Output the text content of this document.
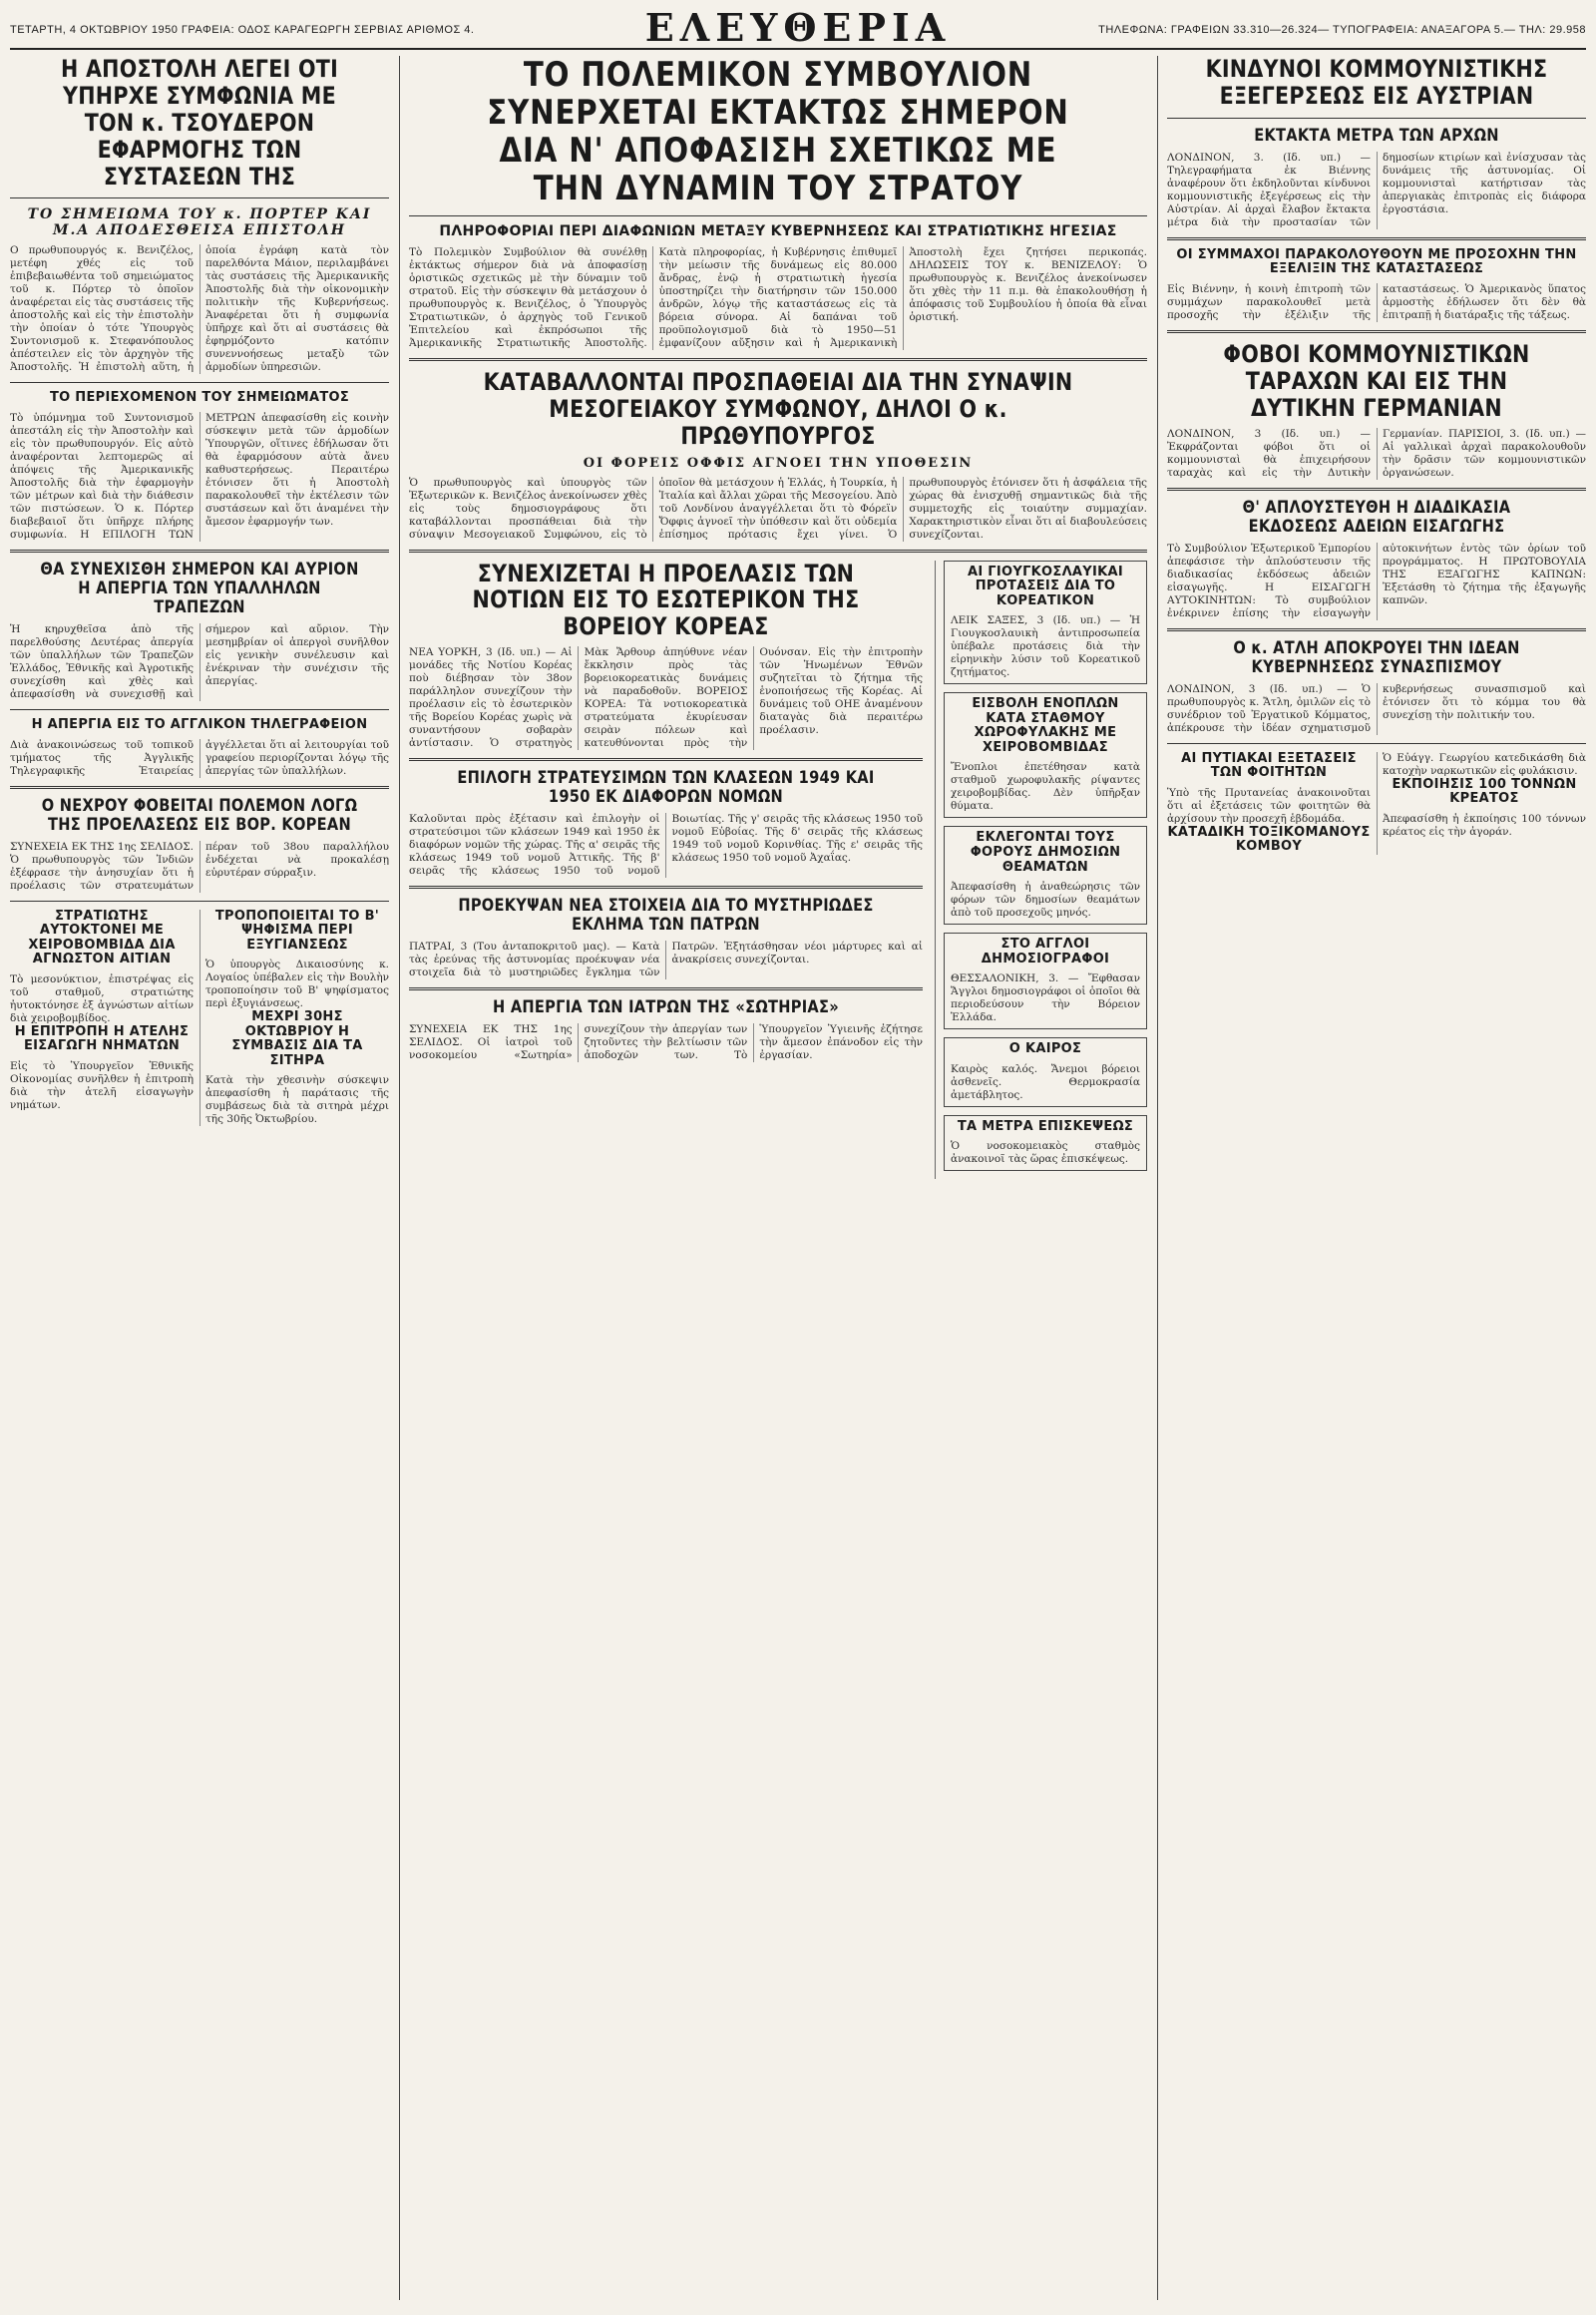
ΤΕΤΑΡΤΗ, 4 ΟΚΤΩΒΡΙΟΥ 1950 ΓΡΑΦΕΙΑ: ΟΔΟΣ ΚΑΡΑΓΕΩΡΓΗ ΣΕΡΒΙΑΣ ΑΡΙΘΜΟΣ 4.	ΕΛΕΥΘΕΡΙΑ	ΤΗΛΕΦΩΝΑ: ΓΡΑΦΕΙΩΝ 33.310—26.324— ΤΥΠΟΓΡΑΦΕΙΑ: ΑΝΑΞΑΓΟΡΑ 5.— ΤΗΛ: 29.958
Η ΑΠΟΣΤΟΛΗ ΛΕΓΕΙ ΟΤΙ ΥΠΗΡΧΕ ΣΥΜΦΩΝΙΑ ΜΕ ΤΟΝ κ. ΤΣΟΥΔΕΡΟΝ ΕΦΑΡΜΟΓΗΣ ΤΩΝ ΣΥΣΤΑΣΕΩΝ ΤΗΣ
ΤΟ ΣΗΜΕΙΩΜΑ ΤΟΥ κ. ΠΟΡΤΕΡ ΚΑΙ Μ.Α ΑΠΟΔΕΣΘΕΙΣΑ ΕΠΙΣΤΟΛΗ
Ο πρωθυπουργός κ. Βενιζέλος, μετέφη χθές εἰς τοῦ ἐπιβεβαιωθέντα τοῦ σημειώματος τοῦ κ. Πόρτερ τὸ ὁποῖον ἀναφέρεται εἰς τὰς συστάσεις τῆς ἀποστολῆς καὶ εἰς τὴν ἐπιστολὴν τὴν ὁποίαν ὁ τότε Ὑπουργὸς Συντονισμοῦ κ. Στεφανόπουλος ἀπέστειλεν εἰς τὸν ἀρχηγὸν τῆς Ἀποστολῆς. Ἡ ἐπιστολὴ αὕτη, ἡ ὁποία ἐγράφη κατὰ τὸν παρελθόντα Μάιον, περιλαμβάνει τὰς συστάσεις τῆς Ἀμερικανικῆς Ἀποστολῆς διὰ τὴν οἰκονομικὴν πολιτικὴν τῆς Κυβερνήσεως. Ἀναφέρεται ὅτι ἡ συμφωνία ὑπῆρχε καὶ ὅτι αἱ συστάσεις θὰ ἐφηρμόζοντο κατόπιν συνεννοήσεως μεταξὺ τῶν ἀρμοδίων ὑπηρεσιῶν.
ΤΟ ΠΕΡΙΕΧΟΜΕΝΟΝ ΤΟΥ ΣΗΜΕΙΩΜΑΤΟΣ
Τὸ ὑπόμνημα τοῦ Συντονισμοῦ ἀπεστάλη εἰς τὴν Ἀποστολὴν καὶ εἰς τὸν πρωθυπουργόν. Εἰς αὐτὸ ἀναφέρονται λεπτομερῶς αἱ ἀπόψεις τῆς Ἀμερικανικῆς Ἀποστολῆς διὰ τὴν ἐφαρμογὴν τῶν μέτρων καὶ διὰ τὴν διάθεσιν τῶν πιστώσεων. Ὁ κ. Πόρτερ διαβεβαιοῖ ὅτι ὑπῆρχε πλήρης συμφωνία. Η ΕΠΙΛΟΓΗ ΤΩΝ ΜΕΤΡΩΝ ἀπεφασίσθη εἰς κοινὴν σύσκεψιν μετὰ τῶν ἁρμοδίων Ὑπουργῶν, οἵτινες ἐδήλωσαν ὅτι θὰ ἐφαρμόσουν αὐτὰ ἄνευ καθυστερήσεως. Περαιτέρω ἐτόνισεν ὅτι ἡ Ἀποστολὴ παρακολουθεῖ τὴν ἐκτέλεσιν τῶν συστάσεων καὶ ὅτι ἀναμένει τὴν ἄμεσον ἐφαρμογήν των.
ΘΑ ΣΥΝΕΧΙΣΘΗ ΣΗΜΕΡΟΝ ΚΑΙ ΑΥΡΙΟΝ Η ΑΠΕΡΓΙΑ ΤΩΝ ΥΠΑΛΛΗΛΩΝ ΤΡΑΠΕΖΩΝ
Ἡ κηρυχθεῖσα ἀπὸ τῆς παρελθούσης Δευτέρας ἀπεργία τῶν ὑπαλλήλων τῶν Τραπεζῶν Ἑλλάδος, Ἐθνικῆς καὶ Ἀγροτικῆς συνεχίσθη καὶ χθὲς καὶ ἀπεφασίσθη νὰ συνεχισθῇ καὶ σήμερον καὶ αὔριον. Τὴν μεσημβρίαν οἱ ἀπεργοὶ συνῆλθον εἰς γενικὴν συνέλευσιν καὶ ἐνέκριναν τὴν συνέχισιν τῆς ἀπεργίας.
Η ΑΠΕΡΓΙΑ ΕΙΣ ΤΟ ΑΓΓΛΙΚΟΝ ΤΗΛΕΓΡΑΦΕΙΟΝ
Διὰ ἀνακοινώσεως τοῦ τοπικοῦ τμήματος τῆς Ἀγγλικῆς Τηλεγραφικῆς Ἑταιρείας ἀγγέλλεται ὅτι αἱ λειτουργίαι τοῦ γραφείου περιορίζονται λόγῳ τῆς ἀπεργίας τῶν ὑπαλλήλων.
Ο ΝΕΧΡΟΥ ΦΟΒΕΙΤΑΙ ΠΟΛΕΜΟΝ ΛΟΓΩ ΤΗΣ ΠΡΟΕΛΑΣΕΩΣ ΕΙΣ ΒΟΡ. ΚΟΡΕΑΝ
ΣΥΝΕΧΕΙΑ ΕΚ ΤΗΣ 1ης ΣΕΛΙΔΟΣ. Ὁ πρωθυπουργὸς τῶν Ἰνδιῶν ἐξέφρασε τὴν ἀνησυχίαν ὅτι ἡ προέλασις τῶν στρατευμάτων πέραν τοῦ 38ου παραλλήλου ἐνδέχεται νὰ προκαλέσῃ εὐρυτέραν σύρραξιν.
ΣΤΡΑΤΙΩΤΗΣ ΑΥΤΟΚΤΟΝΕΙ ΜΕ ΧΕΙΡΟΒΟΜΒΙΔΑ ΔΙΑ ΑΓΝΩΣΤΟΝ ΑΙΤΙΑΝ
Τὸ μεσονύκτιον, ἐπιστρέψας εἰς τοῦ σταθμοῦ, στρατιώτης ἠυτοκτόνησε ἐξ ἀγνώστων αἰτίων διὰ χειροβομβίδος.
Η ΕΠΙΤΡΟΠΗ Η ΑΤΕΛΗΣ ΕΙΣΑΓΩΓΗ ΝΗΜΑΤΩΝ
Εἰς τὸ Ὑπουργεῖον Ἐθνικῆς Οἰκονομίας συνῆλθεν ἡ ἐπιτροπὴ διὰ τὴν ἀτελῆ εἰσαγωγὴν νημάτων.
ΤΡΟΠΟΠΟΙΕΙΤΑΙ ΤΟ Β' ΨΗΦΙΣΜΑ ΠΕΡΙ ΕΞΥΓΙΑΝΣΕΩΣ
Ὁ ὑπουργὸς Δικαιοσύνης κ. Λογαίος ὑπέβαλεν εἰς τὴν Βουλὴν τροποποίησιν τοῦ Β' ψηφίσματος περὶ ἐξυγιάνσεως.
ΜΕΧΡΙ 30ΗΣ ΟΚΤΩΒΡΙΟΥ Η ΣΥΜΒΑΣΙΣ ΔΙΑ ΤΑ ΣΙΤΗΡΑ
Κατὰ τὴν χθεσινὴν σύσκεψιν ἀπεφασίσθη ἡ παράτασις τῆς συμβάσεως διὰ τὰ σιτηρὰ μέχρι τῆς 30ῆς Ὀκτωβρίου.
ΤΟ ΠΟΛΕΜΙΚΟΝ ΣΥΜΒΟΥΛΙΟΝ ΣΥΝΕΡΧΕΤΑΙ ΕΚΤΑΚΤΩΣ ΣΗΜΕΡΟΝ ΔΙΑ Ν' ΑΠΟΦΑΣΙΣΗ ΣΧΕΤΙΚΩΣ ΜΕ ΤΗΝ ΔΥΝΑΜΙΝ ΤΟΥ ΣΤΡΑΤΟΥ
ΠΛΗΡΟΦΟΡΙΑΙ ΠΕΡΙ ΔΙΑΦΩΝΙΩΝ ΜΕΤΑΞΥ ΚΥΒΕΡΝΗΣΕΩΣ ΚΑΙ ΣΤΡΑΤΙΩΤΙΚΗΣ ΗΓΕΣΙΑΣ
Τὸ Πολεμικὸν Συμβούλιον θὰ συνέλθῃ ἐκτάκτως σήμερον διὰ νὰ ἀποφασίσῃ ὁριστικῶς σχετικῶς μὲ τὴν δύναμιν τοῦ στρατοῦ. Εἰς τὴν σύσκεψιν θὰ μετάσχουν ὁ πρωθυπουργὸς κ. Βενιζέλος, ὁ Ὑπουργὸς Στρατιωτικῶν, ὁ ἀρχηγὸς τοῦ Γενικοῦ Ἐπιτελείου καὶ ἐκπρόσωποι τῆς Ἀμερικανικῆς Στρατιωτικῆς Ἀποστολῆς. Κατὰ πληροφορίας, ἡ Κυβέρνησις ἐπιθυμεῖ τὴν μείωσιν τῆς δυνάμεως εἰς 80.000 ἄνδρας, ἐνῷ ἡ στρατιωτικὴ ἡγεσία ὑποστηρίζει τὴν διατήρησιν τῶν 150.000 ἀνδρῶν, λόγῳ τῆς καταστάσεως εἰς τὰ βόρεια σύνορα. Αἱ δαπάναι τοῦ προϋπολογισμοῦ διὰ τὸ 1950—51 ἐμφανίζουν αὔξησιν καὶ ἡ Ἀμερικανικὴ Ἀποστολὴ ἔχει ζητήσει περικοπάς. ΔΗΛΩΣΕΙΣ ΤΟΥ κ. ΒΕΝΙΖΕΛΟΥ: Ὁ πρωθυπουργὸς κ. Βενιζέλος ἀνεκοίνωσεν ὅτι χθὲς τὴν 11 π.μ. θὰ ἐπακολουθήσῃ ἡ ἀπόφασις τοῦ Συμβουλίου ἡ ὁποία θὰ εἶναι ὁριστική.
ΚΑΤΑΒΑΛΛΟΝΤΑΙ ΠΡΟΣΠΑΘΕΙΑΙ ΔΙΑ ΤΗΝ ΣΥΝΑΨΙΝ ΜΕΣΟΓΕΙΑΚΟΥ ΣΥΜΦΩΝΟΥ, ΔΗΛΟΙ Ο κ. ΠΡΩΘΥΠΟΥΡΓΟΣ
ΟΙ ΦΟΡΕΙΣ ΟΦΦΙΣ ΑΓΝΟΕΙ ΤΗΝ ΥΠΟΘΕΣΙΝ
Ὁ πρωθυπουργὸς καὶ ὑπουργὸς τῶν Ἐξωτερικῶν κ. Βενιζέλος ἀνεκοίνωσεν χθὲς εἰς τοὺς δημοσιογράφους ὅτι καταβάλλονται προσπάθειαι διὰ τὴν σύναψιν Μεσογειακοῦ Συμφώνου, εἰς τὸ ὁποῖον θὰ μετάσχουν ἡ Ἑλλάς, ἡ Τουρκία, ἡ Ἰταλία καὶ ἄλλαι χῶραι τῆς Μεσογείου. Ἀπὸ τοῦ Λονδίνου ἀναγγέλλεται ὅτι τὸ Φόρεϊν Ὄφφις ἀγνοεῖ τὴν ὑπόθεσιν καὶ ὅτι οὐδεμία ἐπίσημος πρότασις ἔχει γίνει. Ὁ πρωθυπουργὸς ἐτόνισεν ὅτι ἡ ἀσφάλεια τῆς χώρας θὰ ἐνισχυθῇ σημαντικῶς διὰ τῆς συμμετοχῆς εἰς τοιαύτην συμμαχίαν. Χαρακτηριστικὸν εἶναι ὅτι αἱ διαβουλεύσεις συνεχίζονται.
ΣΥΝΕΧΙΖΕΤΑΙ Η ΠΡΟΕΛΑΣΙΣ ΤΩΝ ΝΟΤΙΩΝ ΕΙΣ ΤΟ ΕΣΩΤΕΡΙΚΟΝ ΤΗΣ ΒΟΡΕΙΟΥ ΚΟΡΕΑΣ
ΝΕΑ ΥΟΡΚΗ, 3 (Ιδ. υπ.) — Αἱ μονάδες τῆς Νοτίου Κορέας ποὺ διέβησαν τὸν 38ον παράλληλον συνεχίζουν τὴν προέλασιν εἰς τὸ ἐσωτερικὸν τῆς Βορείου Κορέας χωρὶς νὰ συναντήσουν σοβαρὰν ἀντίστασιν. Ὁ στρατηγὸς Μὰκ Ἄρθουρ ἀπηύθυνε νέαν ἔκκλησιν πρὸς τὰς βορειοκορεατικὰς δυνάμεις νὰ παραδοθοῦν. ΒΟΡΕΙΟΣ ΚΟΡΕΑ: Τὰ νοτιοκορεατικὰ στρατεύματα ἐκυρίευσαν σειρὰν πόλεων καὶ κατευθύνονται πρὸς τὴν Ουόνσαν. Εἰς τὴν ἐπιτροπὴν τῶν Ἡνωμένων Ἐθνῶν συζητεῖται τὸ ζήτημα τῆς ἑνοποιήσεως τῆς Κορέας. Αἱ δυνάμεις τοῦ ΟΗΕ ἀναμένουν διαταγὰς διὰ περαιτέρω προέλασιν.
ΕΠΙΛΟΓΗ ΣΤΡΑΤΕΥΣΙΜΩΝ ΤΩΝ ΚΛΑΣΕΩΝ 1949 ΚΑΙ 1950 ΕΚ ΔΙΑΦΟΡΩΝ ΝΟΜΩΝ
Καλοῦνται πρὸς ἐξέτασιν καὶ ἐπιλογὴν οἱ στρατεύσιμοι τῶν κλάσεων 1949 καὶ 1950 ἐκ διαφόρων νομῶν τῆς χώρας. Τῆς α' σειρᾶς τῆς κλάσεως 1949 τοῦ νομοῦ Ἀττικῆς. Τῆς β' σειρᾶς τῆς κλάσεως 1950 τοῦ νομοῦ Βοιωτίας. Τῆς γ' σειρᾶς τῆς κλάσεως 1950 τοῦ νομοῦ Εὐβοίας. Τῆς δ' σειρᾶς τῆς κλάσεως 1949 τοῦ νομοῦ Κορινθίας. Τῆς ε' σειρᾶς τῆς κλάσεως 1950 τοῦ νομοῦ Ἀχαΐας.
ΠΡΟΕΚΥΨΑΝ ΝΕΑ ΣΤΟΙΧΕΙΑ ΔΙΑ ΤΟ ΜΥΣΤΗΡΙΩΔΕΣ ΕΚΛΗΜΑ ΤΩΝ ΠΑΤΡΩΝ
ΠΑΤΡΑΙ, 3 (Του ἀνταποκριτοῦ μας). — Κατὰ τὰς ἐρεύνας τῆς ἀστυνομίας προέκυψαν νέα στοιχεῖα διὰ τὸ μυστηριῶδες ἔγκλημα τῶν Πατρῶν. Ἐξητάσθησαν νέοι μάρτυρες καὶ αἱ ἀνακρίσεις συνεχίζονται.
Η ΑΠΕΡΓΙΑ ΤΩΝ ΙΑΤΡΩΝ ΤΗΣ «ΣΩΤΗΡΙΑΣ»
ΣΥΝΕΧΕΙΑ ΕΚ ΤΗΣ 1ης ΣΕΛΙΔΟΣ. Οἱ ἰατροὶ τοῦ νοσοκομείου «Σωτηρία» συνεχίζουν τὴν ἀπεργίαν των ζητοῦντες τὴν βελτίωσιν τῶν ἀποδοχῶν των. Τὸ Ὑπουργεῖον Ὑγιεινῆς ἐζήτησε τὴν ἄμεσον ἐπάνοδον εἰς τὴν ἐργασίαν.
ΑΙ ΓΙΟΥΓΚΟΣΛΑΥΙΚΑΙ ΠΡΟΤΑΣΕΙΣ ΔΙΑ ΤΟ ΚΟΡΕΑΤΙΚΟΝ
ΛΕΙΚ ΣΑΞΕΣ, 3 (Ιδ. υπ.) — Ἡ Γιουγκοσλαυικὴ ἀντιπροσωπεία ὑπέβαλε προτάσεις διὰ τὴν εἰρηνικὴν λύσιν τοῦ Κορεατικοῦ ζητήματος.
ΕΙΣΒΟΛΗ ΕΝΟΠΛΩΝ ΚΑΤΑ ΣΤΑΘΜΟΥ ΧΩΡΟΦΥΛΑΚΗΣ ΜΕ ΧΕΙΡΟΒΟΜΒΙΔΑΣ
Ἔνοπλοι ἐπετέθησαν κατὰ σταθμοῦ χωροφυλακῆς ρίψαντες χειροβομβίδας. Δὲν ὑπῆρξαν θύματα.
ΕΚΛΕΓΟΝΤΑΙ ΤΟΥΣ ΦΟΡΟΥΣ ΔΗΜΟΣΙΩΝ ΘΕΑΜΑΤΩΝ
Ἀπεφασίσθη ἡ ἀναθεώρησις τῶν φόρων τῶν δημοσίων θεαμάτων ἀπὸ τοῦ προσεχοῦς μηνός.
ΣΤΟ ΑΓΓΛΟΙ ΔΗΜΟΣΙΟΓΡΑΦΟΙ
ΘΕΣΣΑΛΟΝΙΚΗ, 3. — Ἔφθασαν Ἄγγλοι δημοσιογράφοι οἱ ὁποῖοι θὰ περιοδεύσουν τὴν Βόρειον Ἑλλάδα.
Ο ΚΑΙΡΟΣ
Καιρὸς καλός. Ἄνεμοι βόρειοι ἀσθενεῖς. Θερμοκρασία ἀμετάβλητος.
ΤΑ ΜΕΤΡΑ ΕΠΙΣΚΕΨΕΩΣ
Ὁ νοσοκομειακὸς σταθμὸς ἀνακοινοῖ τὰς ὥρας ἐπισκέψεως.
ΚΙΝΔΥΝΟΙ ΚΟΜΜΟΥΝΙΣΤΙΚΗΣ ΕΞΕΓΕΡΣΕΩΣ ΕΙΣ ΑΥΣΤΡΙΑΝ
ΕΚΤΑΚΤΑ ΜΕΤΡΑ ΤΩΝ ΑΡΧΩΝ
ΛΟΝΔΙΝΟΝ, 3. (Ιδ. υπ.) — Τηλεγραφήματα ἐκ Βιέννης ἀναφέρουν ὅτι ἐκδηλοῦνται κίνδυνοι κομμουνιστικῆς ἐξεγέρσεως εἰς τὴν Αὐστρίαν. Αἱ ἀρχαὶ ἔλαβον ἔκτακτα μέτρα διὰ τὴν προστασίαν τῶν δημοσίων κτιρίων καὶ ἐνίσχυσαν τὰς δυνάμεις τῆς ἀστυνομίας. Οἱ κομμουνισταὶ κατήρτισαν τὰς ἀπεργιακὰς ἐπιτροπὰς εἰς διάφορα ἐργοστάσια.
ΟΙ ΣΥΜΜΑΧΟΙ ΠΑΡΑΚΟΛΟΥΘΟΥΝ ΜΕ ΠΡΟΣΟΧΗΝ ΤΗΝ ΕΞΕΛΙΞΙΝ ΤΗΣ ΚΑΤΑΣΤΑΣΕΩΣ
Εἰς Βιέννην, ἡ κοινὴ ἐπιτροπὴ τῶν συμμάχων παρακολουθεῖ μετὰ προσοχῆς τὴν ἐξέλιξιν τῆς καταστάσεως. Ὁ Ἀμερικανὸς ὕπατος ἁρμοστὴς ἐδήλωσεν ὅτι δὲν θὰ ἐπιτραπῇ ἡ διατάραξις τῆς τάξεως.
ΦΟΒΟΙ ΚΟΜΜΟΥΝΙΣΤΙΚΩΝ ΤΑΡΑΧΩΝ ΚΑΙ ΕΙΣ ΤΗΝ ΔΥΤΙΚΗΝ ΓΕΡΜΑΝΙΑΝ
ΛΟΝΔΙΝΟΝ, 3 (Ιδ. υπ.) — Ἐκφράζονται φόβοι ὅτι οἱ κομμουνισταὶ θὰ ἐπιχειρήσουν ταραχὰς καὶ εἰς τὴν Δυτικὴν Γερμανίαν. ΠΑΡΙΣΙΟΙ, 3. (Ιδ. υπ.) — Αἱ γαλλικαὶ ἀρχαὶ παρακολουθοῦν τὴν δρᾶσιν τῶν κομμουνιστικῶν ὀργανώσεων.
Θ' ΑΠΛΟΥΣΤΕΥΘΗ Η ΔΙΑΔΙΚΑΣΙΑ ΕΚΔΟΣΕΩΣ ΑΔΕΙΩΝ ΕΙΣΑΓΩΓΗΣ
Τὸ Συμβούλιον Ἐξωτερικοῦ Ἐμπορίου ἀπεφάσισε τὴν ἁπλούστευσιν τῆς διαδικασίας ἐκδόσεως ἀδειῶν εἰσαγωγῆς. Η ΕΙΣΑΓΩΓΗ ΑΥΤΟΚΙΝΗΤΩΝ: Τὸ συμβούλιον ἐνέκρινεν ἐπίσης τὴν εἰσαγωγὴν αὐτοκινήτων ἐντὸς τῶν ὁρίων τοῦ προγράμματος. Η ΠΡΩΤΟΒΟΥΛΙΑ ΤΗΣ ΕΞΑΓΩΓΗΣ ΚΑΠΝΩΝ: Ἐξετάσθη τὸ ζήτημα τῆς ἐξαγωγῆς καπνῶν.
Ο κ. ΑΤΛΗ ΑΠΟΚΡΟΥΕΙ ΤΗΝ ΙΔΕΑΝ ΚΥΒΕΡΝΗΣΕΩΣ ΣΥΝΑΣΠΙΣΜΟΥ
ΛΟΝΔΙΝΟΝ, 3 (Ιδ. υπ.) — Ὁ πρωθυπουργὸς κ. Ἄτλη, ὁμιλῶν εἰς τὸ συνέδριον τοῦ Ἐργατικοῦ Κόμματος, ἀπέκρουσε τὴν ἰδέαν σχηματισμοῦ κυβερνήσεως συνασπισμοῦ καὶ ἐτόνισεν ὅτι τὸ κόμμα του θὰ συνεχίσῃ τὴν πολιτικήν του.
ΑΙ ΠΥΤΙΑΚΑΙ ΕΞΕΤΑΣΕΙΣ ΤΩΝ ΦΟΙΤΗΤΩΝ
Ὑπὸ τῆς Πρυτανείας ἀνακοινοῦται ὅτι αἱ ἐξετάσεις τῶν φοιτητῶν θὰ ἀρχίσουν τὴν προσεχῆ ἑβδομάδα.
ΚΑΤΑΔΙΚΗ ΤΟΞΙΚΟΜΑΝΟΥΣ ΚΟΜΒΟΥ
Ὁ Εὐάγγ. Γεωργίου κατεδικάσθη διὰ κατοχὴν ναρκωτικῶν εἰς φυλάκισιν.
ΕΚΠΟΙΗΣΙΣ 100 ΤΟΝΝΩΝ ΚΡΕΑΤΟΣ
Ἀπεφασίσθη ἡ ἐκποίησις 100 τόννων κρέατος εἰς τὴν ἀγοράν.
